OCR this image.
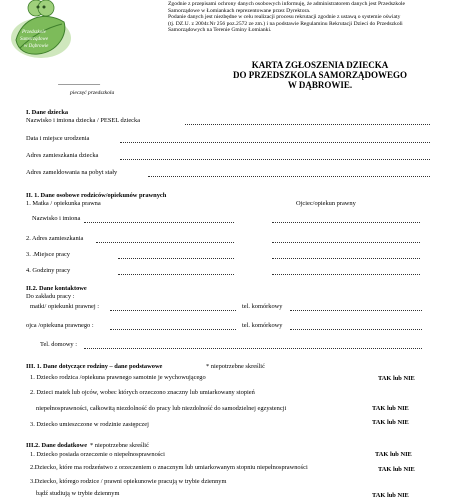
Przedszkole
Samorządowe
w Dąbrowie
Zgodnie z przepisami ochrony danych osobowych informuję, że administratorem danych jest Przedszkole
Samorządowe w Łomiankach reprezentowane przez Dyrektora.
Podanie danych jest niezbędne w celu realizacji procesu rekrutacji zgodnie z ustawą o systemie oświaty
(tj. DZ.U. z 2004r.Nr 256 poz.2572 ze zm.) i na podstawie Regulaminu Rekrutacji Dzieci do Przedszkoli
Samorządowych na Terenie Gminy Łomianki.
KARTA ZGŁOSZENIA DZIECKA
DO PRZEDSZKOLA SAMORZĄDOWEGO
W DĄBROWIE.
..........................................
pieczęć przedszkola
I. Dane dziecka
Nazwisko i imiona dziecka / PESEL dziecka
Data i miejsce urodzenia
Adres zamieszkania dziecka
Adres zameldowania na pobyt stały
II. 1. Dane osobowe rodziców/opiekunów prawnych
1. Matka / opiekunka prawna	Ojciec/opiekun prawny
Nazwisko i imiona
2. Adres zamieszkania
3. .Miejsce pracy
4. Godziny pracy
II.2. Dane kontaktowe
Do zakładu pracy :
matki/ opiekunki prawnej :	tel. komórkowy
ojca /opiekuna prawnego :	tel. komórkowy
Tel. domowy :
III. 1. Dane dotyczące rodziny – dane podstawowe	* niepotrzebne skreślić
1. Dziecko rodzica /opiekuna prawnego samotnie je wychowującego	TAK lub NIE
2. Dzieci matek lub ojców, wobec których orzeczono znaczny lub umiarkowany stopień
niepełnosprawności, całkowitą niezdolność do pracy lub niezdolność do samodzielnej egzystencji	TAK lub NIE
3. Dziecko umieszczone w rodzinie zastępczej	TAK lub NIE
III.2. Dane dodatkowe * niepotrzebne skreślić
1. Dziecko posiada orzeczenie o niepełnosprawności	TAK lub NIE
2.Dziecko, które ma rodzeństwo z orzeczeniem o znacznym lub umiarkowanym stopniu niepełnosprawności	TAK lub NIE
3.Dziecko, którego rodzice / prawni opiekunowie pracują w trybie dziennym
bądź studiują w trybie dziennym	TAK lub NIE
